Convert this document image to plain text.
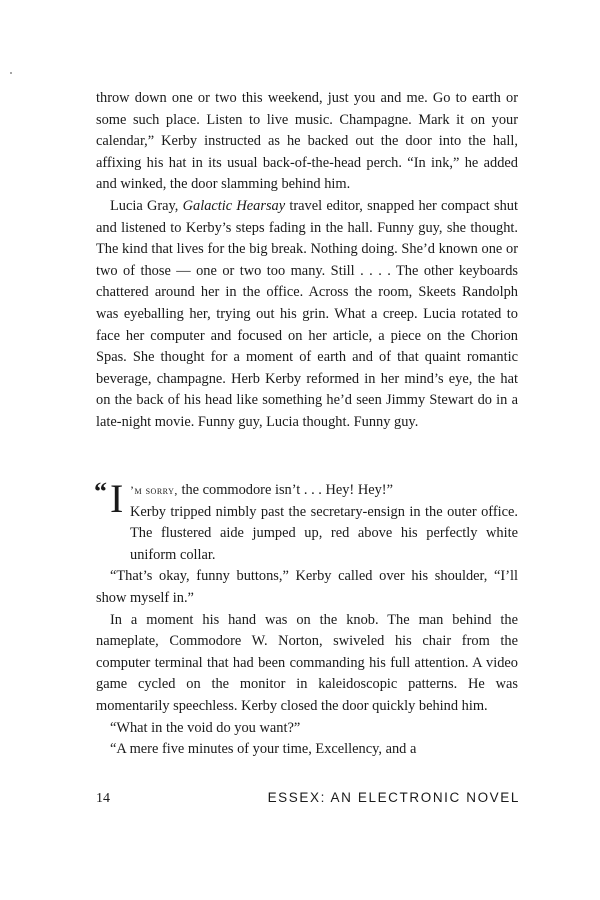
throw down one or two this weekend, just you and me. Go to earth or some such place. Listen to live music. Champagne. Mark it on your calendar,” Kerby instructed as he backed out the door into the hall, affixing his hat in its usual back-of-the-head perch. “In ink,” he added and winked, the door slamming behind him.

Lucia Gray, Galactic Hearsay travel editor, snapped her compact shut and listened to Kerby’s steps fading in the hall. Funny guy, she thought. The kind that lives for the big break. Nothing doing. She’d known one or two of those — one or two too many. Still . . . . The other keyboards chattered around her in the office. Across the room, Skeets Randolph was eyeballing her, trying out his grin. What a creep. Lucia rotated to face her computer and focused on her article, a piece on the Chorion Spas. She thought for a moment of earth and of that quaint romantic beverage, champagne. Herb Kerby reformed in her mind’s eye, the hat on the back of his head like something he’d seen Jimmy Stewart do in a late-night movie. Funny guy, Lucia thought. Funny guy.

“ I ’m sorry, the commodore isn’t . . . Hey! Hey!”

Kerby tripped nimbly past the secretary-ensign in the outer office. The flustered aide jumped up, red above his perfectly white uniform collar.

“That’s okay, funny buttons,” Kerby called over his shoulder, “I’ll show myself in.”

In a moment his hand was on the knob. The man behind the nameplate, Commodore W. Norton, swiveled his chair from the computer terminal that had been commanding his full attention. A video game cycled on the monitor in kaleidoscopic patterns. He was momentarily speechless. Kerby closed the door quickly behind him.

“What in the void do you want?”

“A mere five minutes of your time, Excellency, and a

14	ESSEX: AN ELECTRONIC NOVEL
